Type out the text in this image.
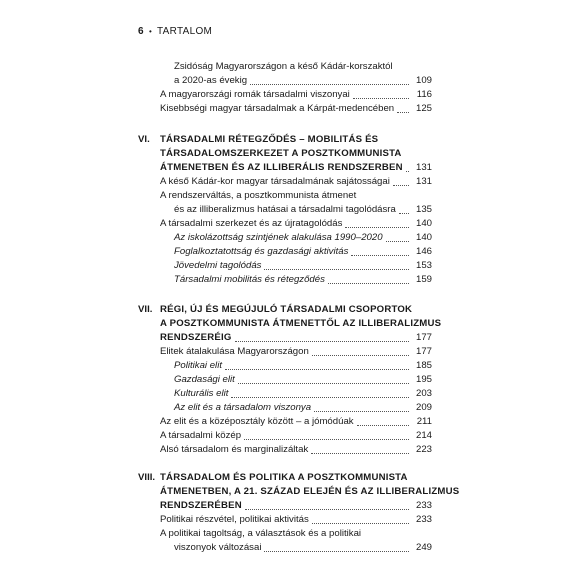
6 • TARTALOM
Zsidóság Magyarországon a késő Kádár-korszaktól
a 2020-as évekig	109
A magyarországi romák társadalmi viszonyai	116
Kisebbségi magyar társadalmak a Kárpát-medencében	125
VI. TÁRSADALMI RÉTEGZŐDÉS – MOBILITÁS ÉS
TÁRSADALOMSZERKEZET A POSZTKOMMUNISTA
ÁTMENETBEN ÉS AZ ILLIBERÁLIS RENDSZERBEN	131
A késő Kádár-kor magyar társadalmának sajátosságai	131
A rendszerváltás, a posztkommunista átmenet
és az illiberalizmus hatásai a társadalmi tagolódásra	135
A társadalmi szerkezet és az újratagolódás	140
Az iskolázottság szintjének alakulása 1990–2020	140
Foglalkoztatottság és gazdasági aktivitás	146
Jövedelmi tagolódás	153
Társadalmi mobilitás és rétegződés	159
VII. RÉGI, ÚJ ÉS MEGÚJULÓ TÁRSADALMI CSOPORTOK
A POSZTKOMMUNISTA ÁTMENETTŐL AZ ILLIBERALIZMUS
RENDSZERÉIG	177
Elitek átalakulása Magyarországon	177
Politikai elit	185
Gazdasági elit	195
Kulturális elit	203
Az elit és a társadalom viszonya	209
Az elit és a középosztály között – a jómódúak	211
A társadalmi közép	214
Alsó társadalom és marginalizáltak	223
VIII. TÁRSADALOM ÉS POLITIKA A POSZTKOMMUNISTA
ÁTMENETBEN, A 21. SZÁZAD ELEJÉN ÉS AZ ILLIBERALIZMUS
RENDSZERÉBEN	233
Politikai részvétel, politikai aktivitás	233
A politikai tagoltság, a választások és a politikai
viszonyok változásai	249
